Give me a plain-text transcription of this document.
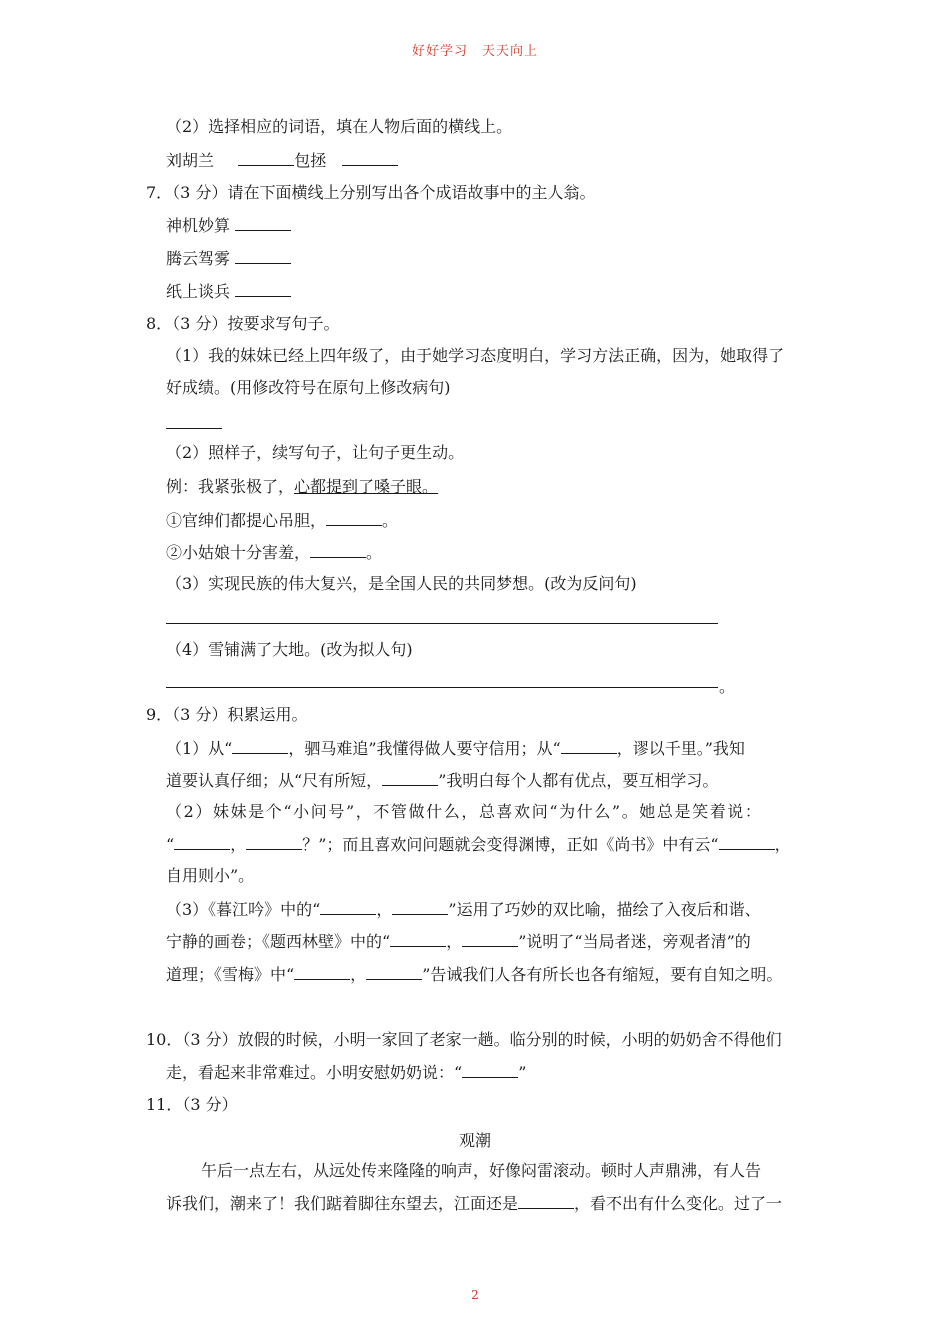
好好学习 天天向上
（2）选择相应的词语，填在人物后面的横线上。
刘胡兰	包拯
7．（3 分）请在下面横线上分别写出各个成语故事中的主人翁。
神机妙算
腾云驾雾
纸上谈兵
8．（3 分）按要求写句子。
（1）我的妹妹已经上四年级了，由于她学习态度明白，学习方法正确，因为，她取得了
好成绩。(用修改符号在原句上修改病句)
（2）照样子，续写句子，让句子更生动。
例：我紧张极了，心都提到了嗓子眼。
①官绅们都提心吊胆，	。
②小姑娘十分害羞，	。
（3）实现民族的伟大复兴，是全国人民的共同梦想。(改为反问句)
（4）雪铺满了大地。(改为拟人句)
。
9．（3 分）积累运用。
（1）从“	，驷马难追”我懂得做人要守信用；从“	，谬以千里。”我知
道要认真仔细；从“尺有所短，	”我明白每个人都有优点，要互相学习。
（2）妹妹是个“小问号”，不管做什么，总喜欢问“为什么”。她总是笑着说：
“	，	？”；而且喜欢问问题就会变得渊博，正如《尚书》中有云“	，
自用则小”。
（3）《暮江吟》中的“	，	”运用了巧妙的双比喻，描绘了入夜后和谐、
宁静的画卷；《题西林壁》中的“	，	”说明了“当局者迷，旁观者清”的
道理；《雪梅》中“	，	”告诫我们人各有所长也各有缩短，要有自知之明。
10．（3 分）放假的时候，小明一家回了老家一趟。临分别的时候，小明的奶奶舍不得他们
走，看起来非常难过。小明安慰奶奶说：“	”
11．（3 分）
观潮
午后一点左右，从远处传来隆隆的响声，好像闷雷滚动。顿时人声鼎沸，有人告
诉我们，潮来了！我们踮着脚往东望去，江面还是	，看不出有什么变化。过了一
2
